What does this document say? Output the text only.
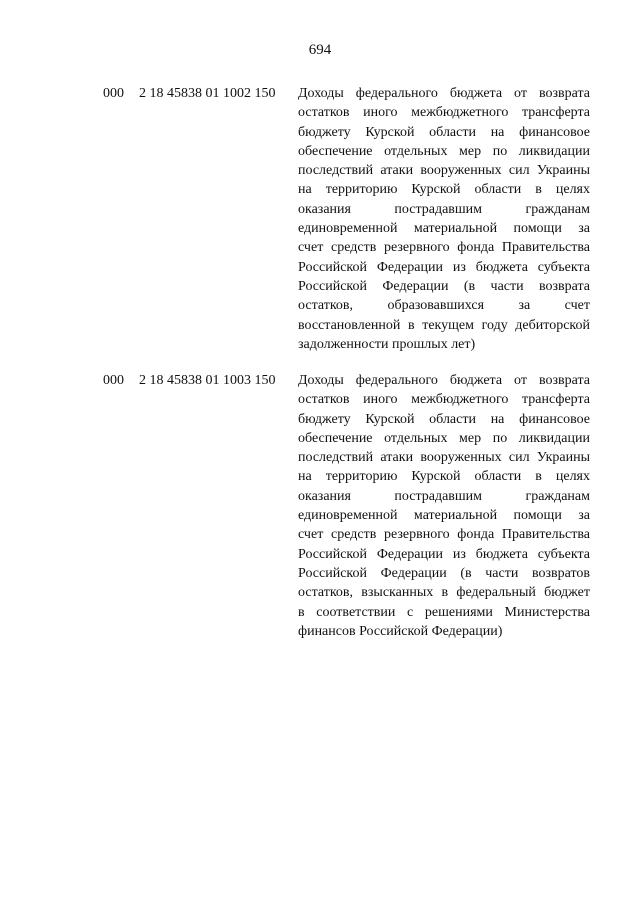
694
000 2 18 45838 01 1002 150 Доходы федерального бюджета от возврата
остатков иного межбюджетного трансферта
бюджету Курской области на финансовое
обеспечение отдельных мер по ликвидации
последствий атаки вооруженных сил Украины
на территорию Курской области в целях
оказания пострадавшим гражданам
единовременной материальной помощи за
счет средств резервного фонда Правительства
Российской Федерации из бюджета субъекта
Российской Федерации (в части возврата
остатков, образовавшихся за счет
восстановленной в текущем году дебиторской
задолженности прошлых лет)
000 2 18 45838 01 1003 150 Доходы федерального бюджета от возврата
остатков иного межбюджетного трансферта
бюджету Курской области на финансовое
обеспечение отдельных мер по ликвидации
последствий атаки вооруженных сил Украины
на территорию Курской области в целях
оказания пострадавшим гражданам
единовременной материальной помощи за
счет средств резервного фонда Правительства
Российской Федерации из бюджета субъекта
Российской Федерации (в части возвратов
остатков, взысканных в федеральный бюджет
в соответствии с решениями Министерства
финансов Российской Федерации)
